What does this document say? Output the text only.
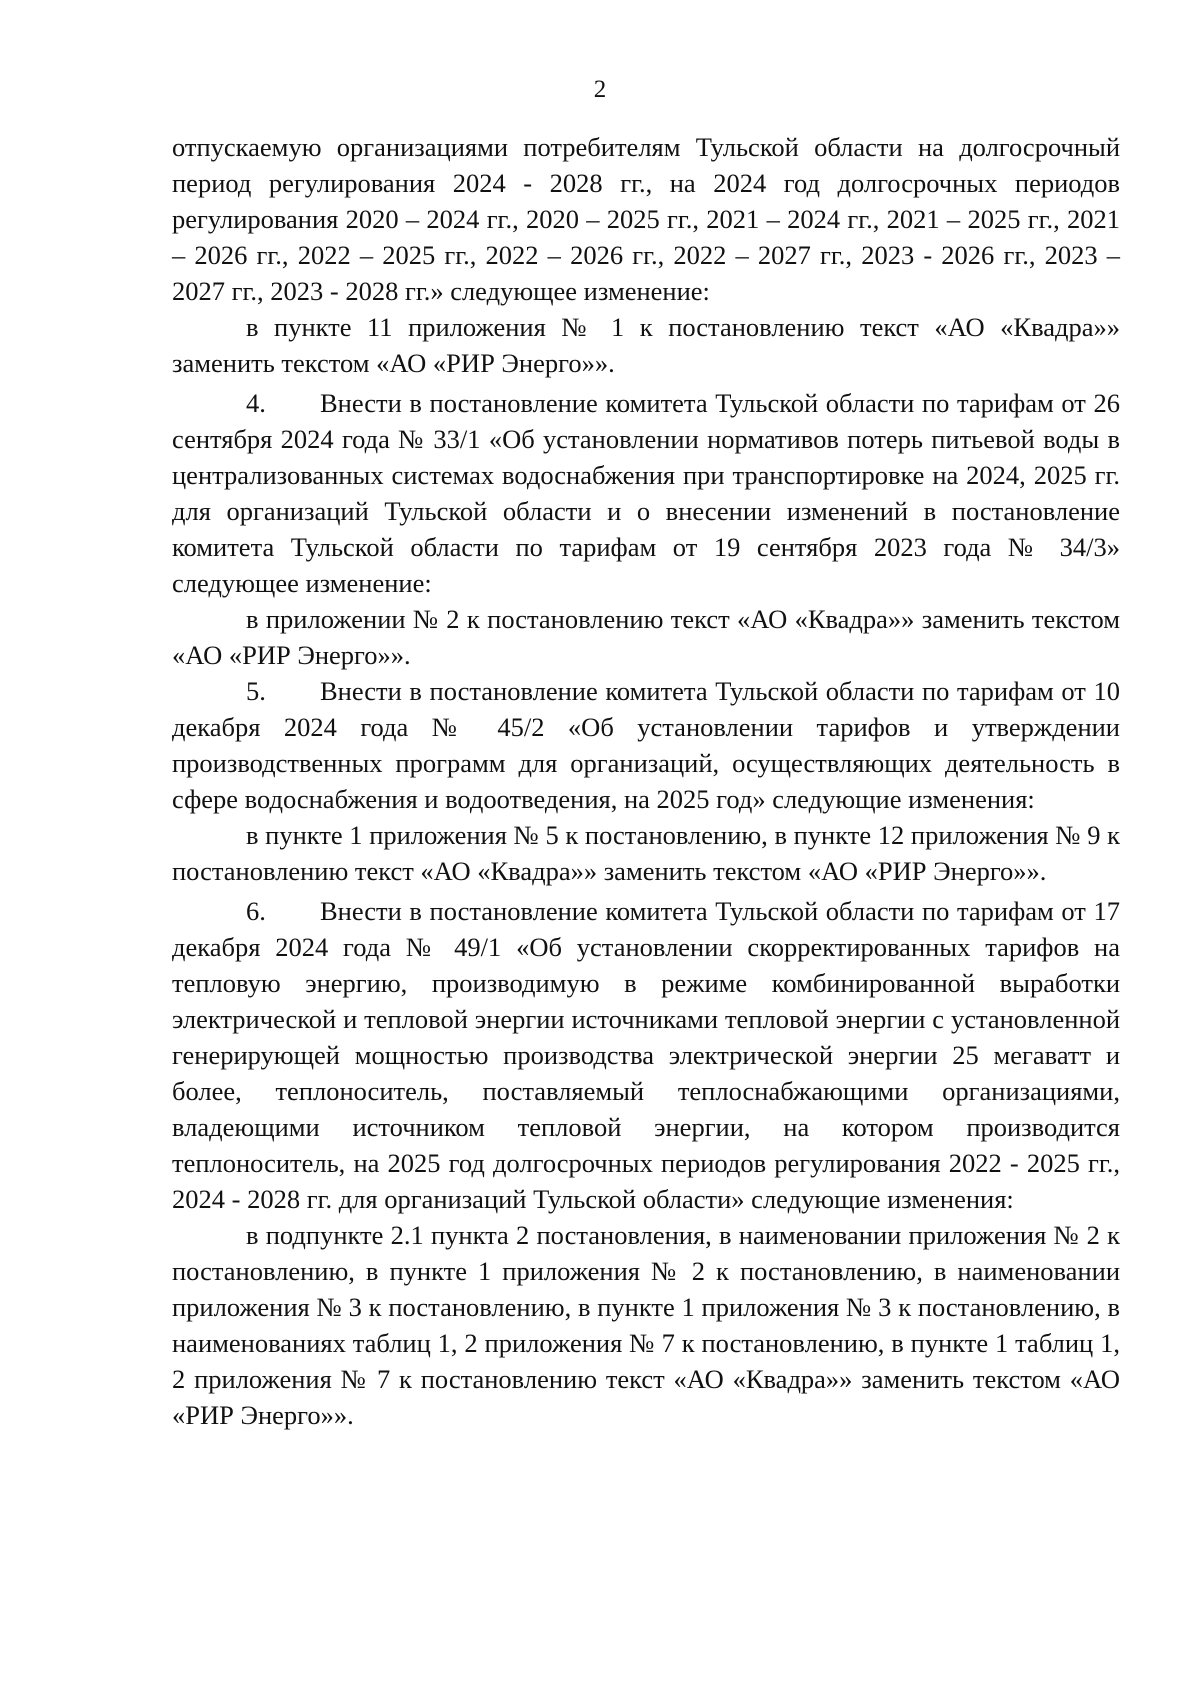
2

отпускаемую организациями потребителям Тульской области на долгосрочный период регулирования 2024 - 2028 гг., на 2024 год долгосрочных периодов регулирования 2020 – 2024 гг., 2020 – 2025 гг., 2021 – 2024 гг., 2021 – 2025 гг., 2021 – 2026 гг., 2022 – 2025 гг., 2022 – 2026 гг., 2022 – 2027 гг., 2023 - 2026 гг., 2023 – 2027 гг., 2023 - 2028 гг.» следующее изменение:

в пункте 11 приложения № 1 к постановлению текст «АО «Квадра»» заменить текстом «АО «РИР Энерго»».

4. Внести в постановление комитета Тульской области по тарифам от 26 сентября 2024 года № 33/1 «Об установлении нормативов потерь питьевой воды в централизованных системах водоснабжения при транспортировке на 2024, 2025 гг. для организаций Тульской области и о внесении изменений в постановление комитета Тульской области по тарифам от 19 сентября 2023 года № 34/3» следующее изменение:

в приложении № 2 к постановлению текст «АО «Квадра»» заменить текстом «АО «РИР Энерго»».

5. Внести в постановление комитета Тульской области по тарифам от 10 декабря 2024 года № 45/2 «Об установлении тарифов и утверждении производственных программ для организаций, осуществляющих деятельность в сфере водоснабжения и водоотведения, на 2025 год» следующие изменения:

в пункте 1 приложения № 5 к постановлению, в пункте 12 приложения № 9 к постановлению текст «АО «Квадра»» заменить текстом «АО «РИР Энерго»».

6. Внести в постановление комитета Тульской области по тарифам от 17 декабря 2024 года № 49/1 «Об установлении скорректированных тарифов на тепловую энергию, производимую в режиме комбинированной выработки электрической и тепловой энергии источниками тепловой энергии с установленной генерирующей мощностью производства электрической энергии 25 мегаватт и более, теплоноситель, поставляемый теплоснабжающими организациями, владеющими источником тепловой энергии, на котором производится теплоноситель, на 2025 год долгосрочных периодов регулирования 2022 - 2025 гг., 2024 - 2028 гг. для организаций Тульской области» следующие изменения:

в подпункте 2.1 пункта 2 постановления, в наименовании приложения № 2 к постановлению, в пункте 1 приложения № 2 к постановлению, в наименовании приложения № 3 к постановлению, в пункте 1 приложения № 3 к постановлению, в наименованиях таблиц 1, 2 приложения № 7 к постановлению, в пункте 1 таблиц 1, 2 приложения № 7 к постановлению текст «АО «Квадра»» заменить текстом «АО «РИР Энерго»».
